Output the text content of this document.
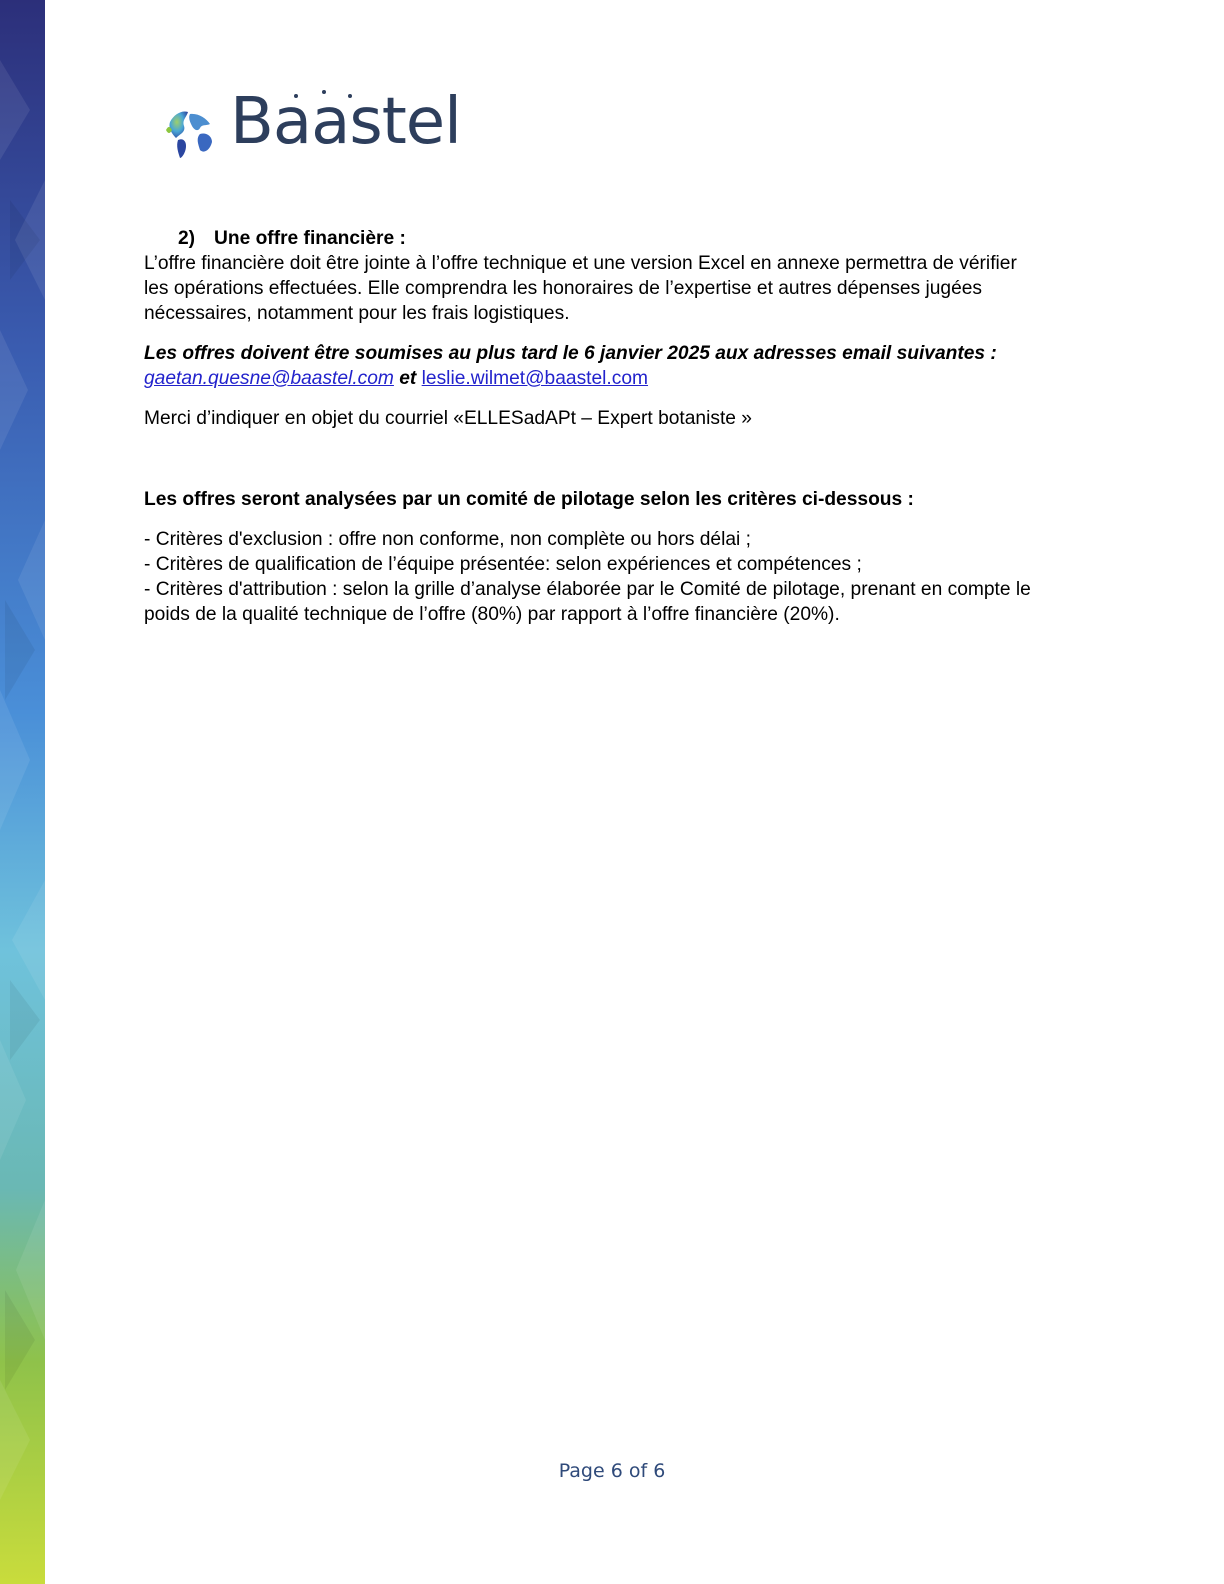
Baastel

2) Une offre financière :

L’offre financière doit être jointe à l’offre technique et une version Excel en annexe permettra de vérifier

les opérations effectuées. Elle comprendra les honoraires de l’expertise et autres dépenses jugées

nécessaires, notamment pour les frais logistiques.

Les offres doivent être soumises au plus tard le 6 janvier 2025 aux adresses email suivantes :

gaetan.quesne@baastel.com et leslie.wilmet@baastel.com

Merci d’indiquer en objet du courriel «ELLESadAPt – Expert botaniste »

Les offres seront analysées par un comité de pilotage selon les critères ci-dessous :

- Critères d'exclusion : offre non conforme, non complète ou hors délai ;

- Critères de qualification de l’équipe présentée: selon expériences et compétences ;

- Critères d'attribution : selon la grille d’analyse élaborée par le Comité de pilotage, prenant en compte le

poids de la qualité technique de l’offre (80%) par rapport à l’offre financière (20%).

Page 6 of 6
